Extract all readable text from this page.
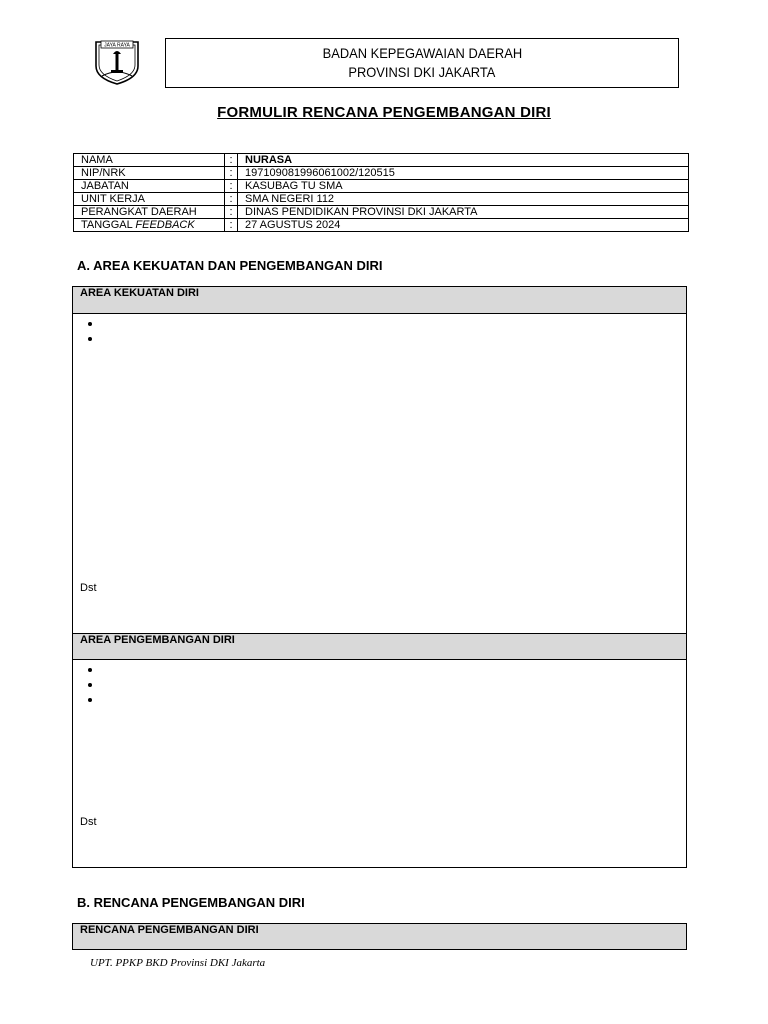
JAYA RAYA	BADAN KEPEGAWAIAN DAERAH
PROVINSI DKI JAKARTA
FORMULIR RENCANA PENGEMBANGAN DIRI
NAMA	:	NURASA
NIP/NRK	:	197109081996061002/120515
JABATAN	:	KASUBAG TU SMA
UNIT KERJA	:	SMA NEGERI 112
PERANGKAT DAERAH	:	DINAS PENDIDIKAN PROVINSI DKI JAKARTA
TANGGAL FEEDBACK	:	27 AGUSTUS 2024
A. AREA KEKUATAN DAN PENGEMBANGAN DIRI
AREA KEKUATAN DIRI
Dst
AREA PENGEMBANGAN DIRI
Dst
B. RENCANA PENGEMBANGAN DIRI
RENCANA PENGEMBANGAN DIRI
UPT. PPKP BKD Provinsi DKI Jakarta
